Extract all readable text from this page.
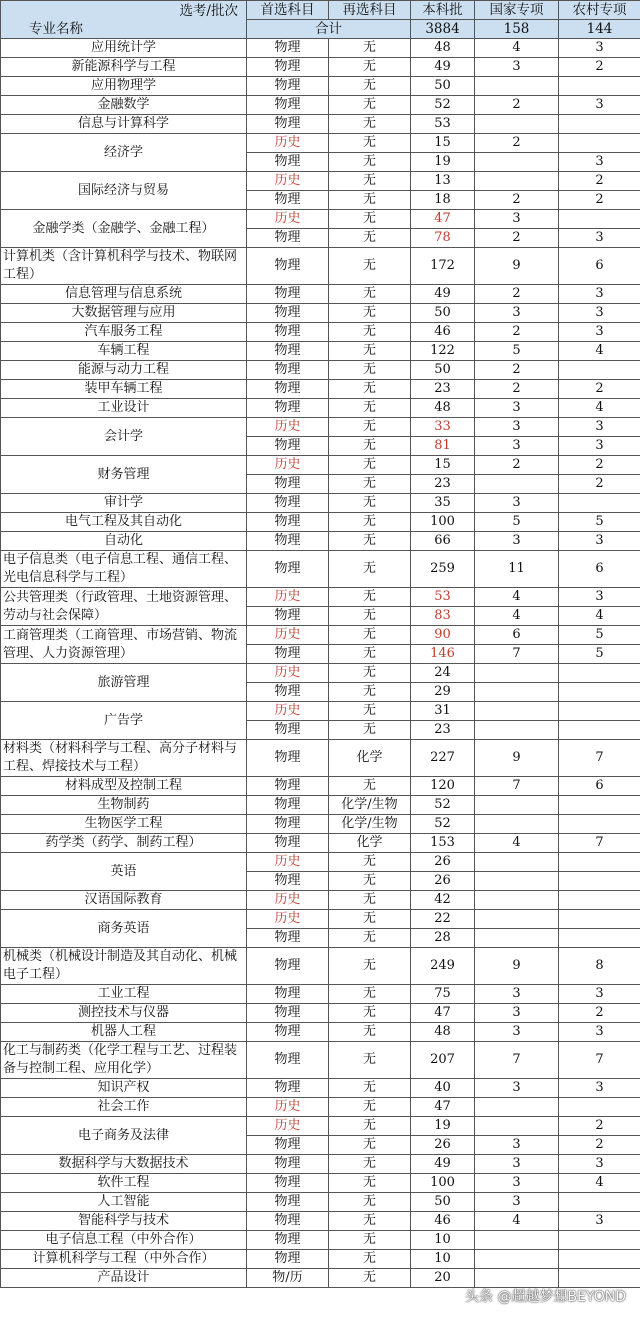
选考/批次
专业名称	首选科目	再选科目	本科批	国家专项	农村专项
	合计		3884	158	144
应用统计学	物理	无	48	4	3
新能源科学与工程	物理	无	49	3	2
应用物理学	物理	无	50		
金融数学	物理	无	52	2	3
信息与计算科学	物理	无	53		
经济学	历史	无	15	2	
	物理	无	19		3
国际经济与贸易	历史	无	13		2
	物理	无	18	2	2
金融学类（金融学、金融工程）	历史	无	47	3	
	物理	无	78	2	3
计算机类（含计算机科学与技术、物联网工程）	物理	无	172	9	6
信息管理与信息系统	物理	无	49	2	3
大数据管理与应用	物理	无	50	3	3
汽车服务工程	物理	无	46	2	3
车辆工程	物理	无	122	5	4
能源与动力工程	物理	无	50	2	
装甲车辆工程	物理	无	23	2	2
工业设计	物理	无	48	3	4
会计学	历史	无	33	3	3
	物理	无	81	3	3
财务管理	历史	无	15	2	2
	物理	无	23		2
审计学	物理	无	35	3	
电气工程及其自动化	物理	无	100	5	5
自动化	物理	无	66	3	3
电子信息类（电子信息工程、通信工程、光电信息科学与工程）	物理	无	259	11	6
公共管理类（行政管理、土地资源管理、劳动与社会保障）	历史	无	53	4	3
	物理	无	83	4	4
工商管理类（工商管理、市场营销、物流管理、人力资源管理）	历史	无	90	6	5
	物理	无	146	7	5
旅游管理	历史	无	24		
	物理	无	29		
广告学	历史	无	31		
	物理	无	23		
材料类（材料科学与工程、高分子材料与工程、焊接技术与工程）	物理	化学	227	9	7
材料成型及控制工程	物理	无	120	7	6
生物制药	物理	化学/生物	52		
生物医学工程	物理	化学/生物	52		
药学类（药学、制药工程）	物理	化学	153	4	7
英语	历史	无	26		
	物理	无	26		
汉语国际教育	历史	无	42		
商务英语	历史	无	22		
	物理	无	28		
机械类（机械设计制造及其自动化、机械电子工程）	物理	无	249	9	8
工业工程	物理	无	75	3	3
测控技术与仪器	物理	无	47	3	2
机器人工程	物理	无	48	3	3
化工与制药类（化学工程与工艺、过程装备与控制工程、应用化学）	物理	无	207	7	7
知识产权	物理	无	40	3	3
社会工作	历史	无	47		
电子商务及法律	历史	无	19		2
	物理	无	26	3	2
数据科学与大数据技术	物理	无	49	3	3
软件工程	物理	无	100	3	4
人工智能	物理	无	50	3	
智能科学与技术	物理	无	46	4	3
电子信息工程（中外合作）	物理	无	10		
计算机科学与工程（中外合作）	物理	无	10		
产品设计	物/历	无	20		
头条 @超越梦想BEYOND
